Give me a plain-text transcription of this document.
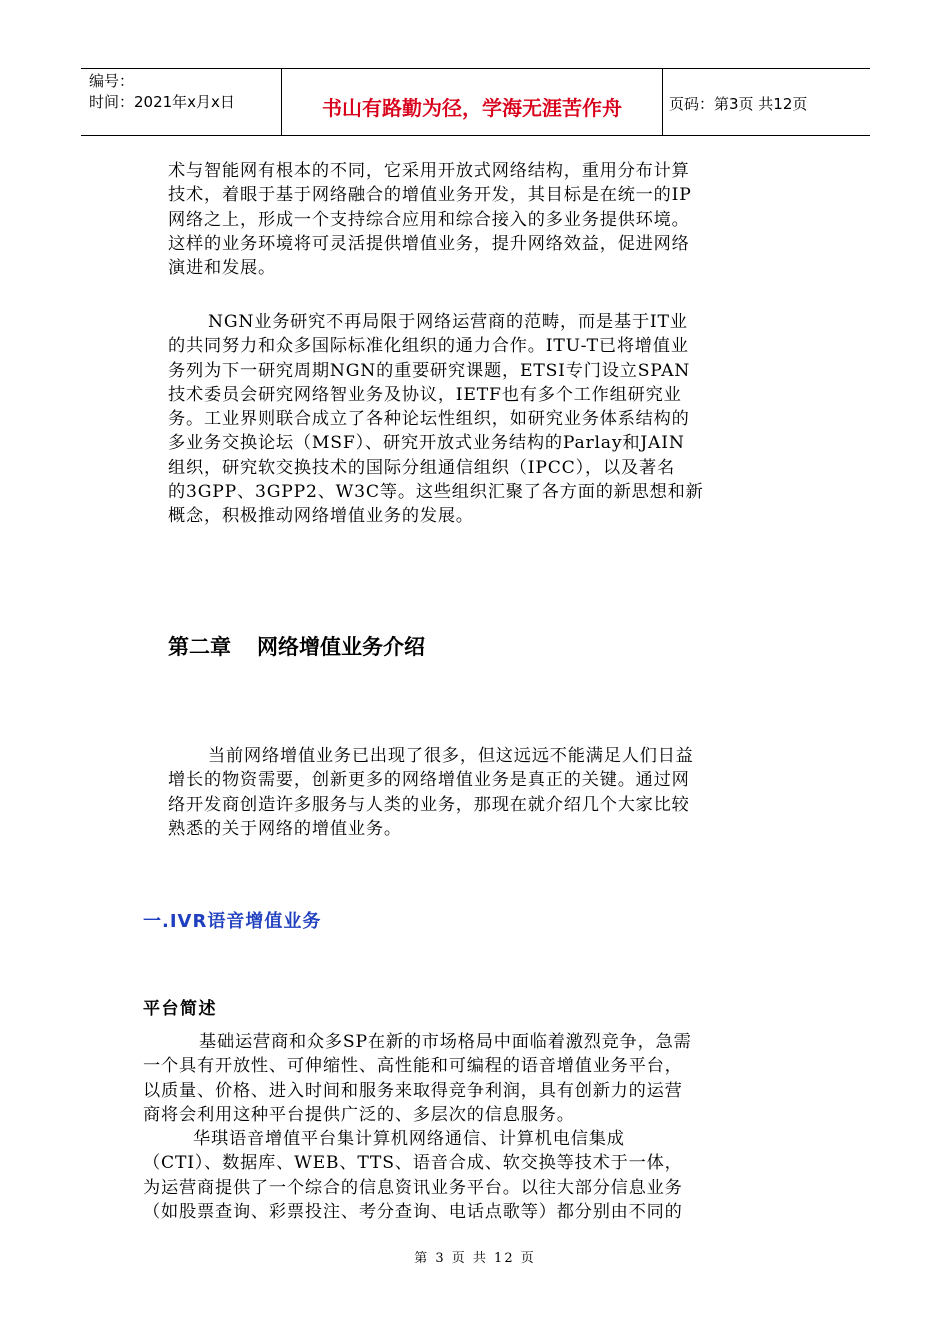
编号：
时间：2021年x月x日	书山有路勤为径，学海无涯苦作舟	页码：第3页 共12页
术与智能网有根本的不同，它采用开放式网络结构，重用分布计算
技术，着眼于基于网络融合的增值业务开发，其目标是在统一的IP
网络之上，形成一个支持综合应用和综合接入的多业务提供环境。
这样的业务环境将可灵活提供增值业务，提升网络效益，促进网络
演进和发展。
NGN业务研究不再局限于网络运营商的范畴，而是基于IT业
的共同努力和众多国际标准化组织的通力合作。ITU-T已将增值业
务列为下一研究周期NGN的重要研究课题，ETSI专门设立SPAN
技术委员会研究网络智业务及协议，IETF也有多个工作组研究业
务。工业界则联合成立了各种论坛性组织，如研究业务体系结构的
多业务交换论坛（MSF）、研究开放式业务结构的Parlay和JAIN
组织，研究软交换技术的国际分组通信组织（IPCC），以及著名
的3GPP、3GPP2、W3C等。这些组织汇聚了各方面的新思想和新
概念，积极推动网络增值业务的发展。
第二章 网络增值业务介绍
当前网络增值业务已出现了很多，但这远远不能满足人们日益
增长的物资需要，创新更多的网络增值业务是真正的关键。通过网
络开发商创造许多服务与人类的业务，那现在就介绍几个大家比较
熟悉的关于网络的增值业务。
一.IVR语音增值业务
平台简述
基础运营商和众多SP在新的市场格局中面临着激烈竞争，急需
一个具有开放性、可伸缩性、高性能和可编程的语音增值业务平台，
以质量、价格、进入时间和服务来取得竞争利润，具有创新力的运营
商将会利用这种平台提供广泛的、多层次的信息服务。
华琪语音增值平台集计算机网络通信、计算机电信集成
（CTI）、数据库、WEB、TTS、语音合成、软交换等技术于一体，
为运营商提供了一个综合的信息资讯业务平台。以往大部分信息业务
（如股票查询、彩票投注、考分查询、电话点歌等）都分别由不同的
第 3 页 共 12 页
